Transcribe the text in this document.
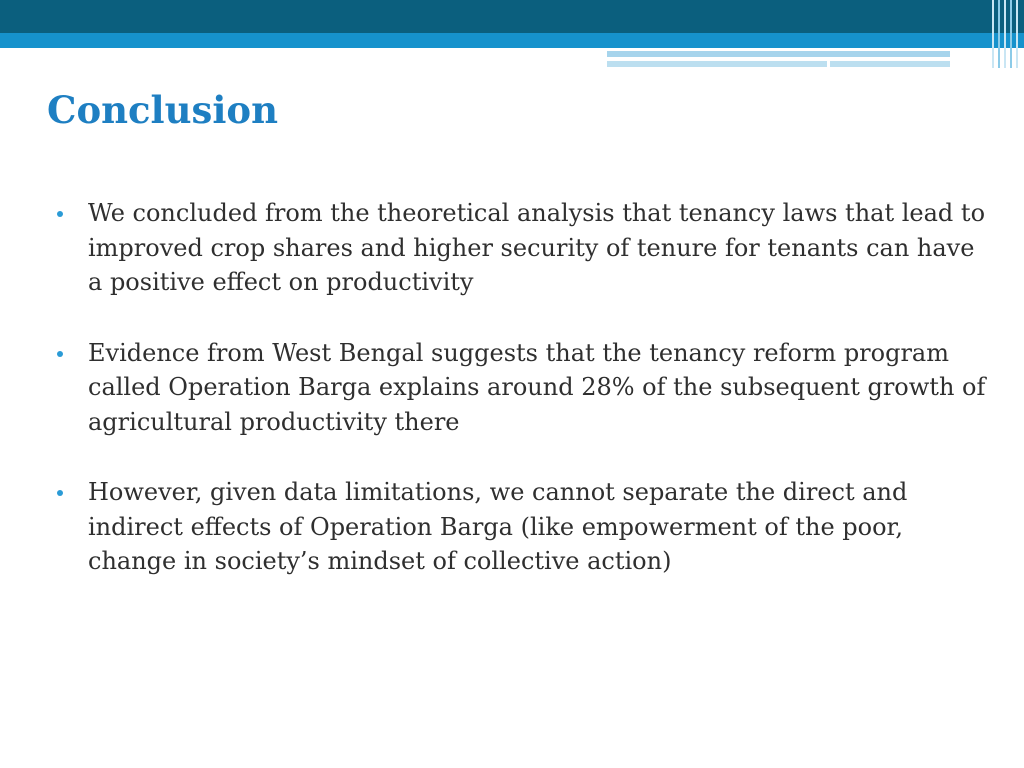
Conclusion
We concluded from the theoretical analysis that tenancy laws that lead to improved crop shares and higher security of tenure for tenants can have a positive effect on productivity
Evidence from West Bengal suggests that the tenancy reform program called Operation Barga explains around 28% of the subsequent growth of agricultural productivity there
However, given data limitations, we cannot separate the direct and indirect effects of Operation Barga (like empowerment of the poor, change in society’s mindset of collective action)
